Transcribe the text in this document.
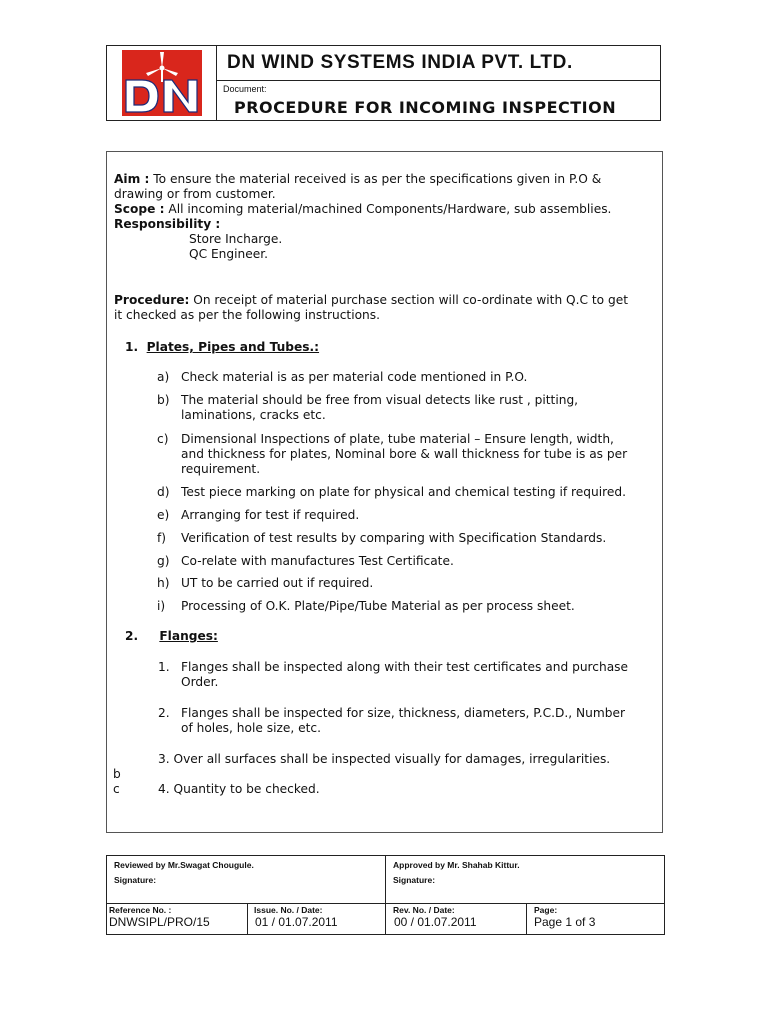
DN WIND SYSTEMS INDIA PVT. LTD.
Document:
PROCEDURE FOR INCOMING INSPECTION
Aim : To ensure the material received is as per the specifications given in P.O &
drawing or from customer.
Scope : All incoming material/machined Components/Hardware, sub assemblies.
Responsibility :
Store Incharge.
QC Engineer.
Procedure: On receipt of material purchase section will co-ordinate with Q.C to get
it checked as per the following instructions.
1. Plates, Pipes and Tubes.:
a) Check material is as per material code mentioned in P.O.
b) The material should be free from visual detects like rust , pitting,
laminations, cracks etc.
c) Dimensional Inspections of plate, tube material – Ensure length, width,
and thickness for plates, Nominal bore & wall thickness for tube is as per
requirement.
d) Test piece marking on plate for physical and chemical testing if required.
e) Arranging for test if required.
f) Verification of test results by comparing with Specification Standards.
g) Co-relate with manufactures Test Certificate.
h) UT to be carried out if required.
i) Processing of O.K. Plate/Pipe/Tube Material as per process sheet.
2. Flanges:
1. Flanges shall be inspected along with their test certificates and purchase
Order.
2. Flanges shall be inspected for size, thickness, diameters, P.C.D., Number
of holes, hole size, etc.
3. Over all surfaces shall be inspected visually for damages, irregularities.
b
c	4. Quantity to be checked.
Reviewed by Mr.Swagat Chougule.
Signature:
Approved by Mr. Shahab Kittur.
Signature:
Reference No. :
DNWSIPL/PRO/15
Issue. No. / Date:
01 / 01.07.2011
Rev. No. / Date:
00 / 01.07.2011
Page:
Page 1 of 3
